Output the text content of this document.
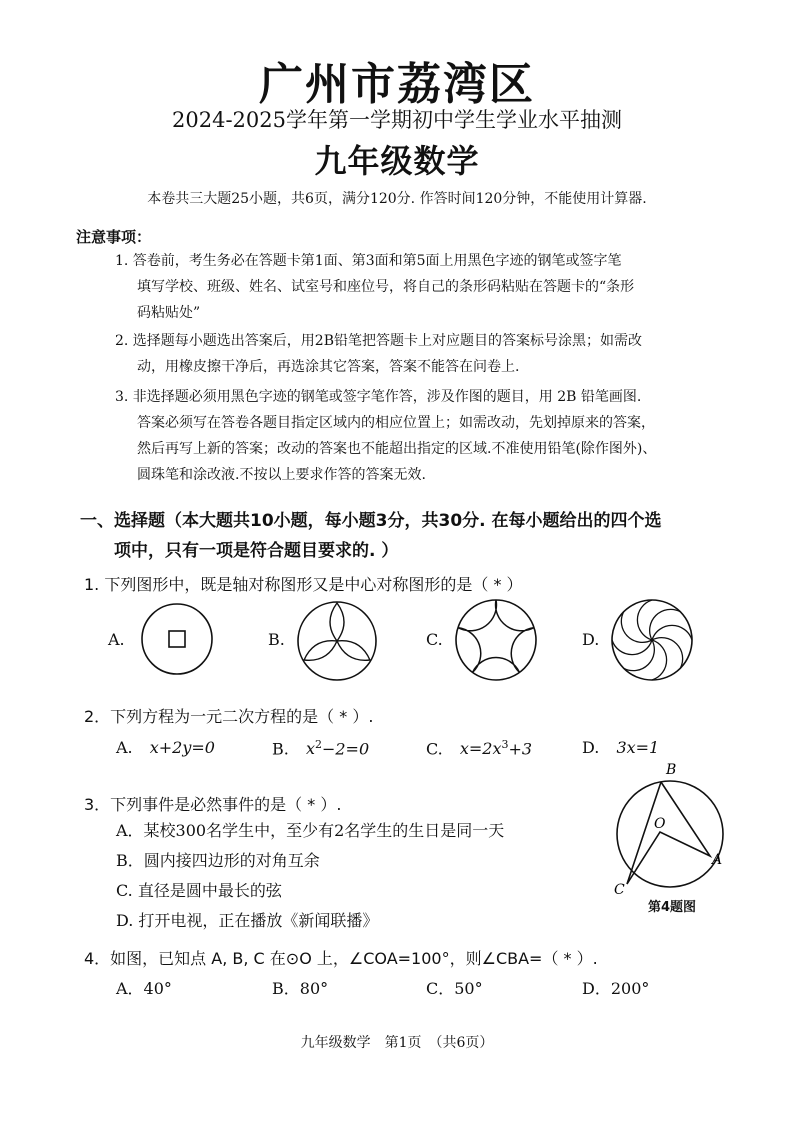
广州市荔湾区
2024-2025学年第一学期初中学生学业水平抽测
九年级数学
本卷共三大题25小题，共6页，满分120分. 作答时间120分钟，不能使用计算器.
注意事项：
1. 答卷前，考生务必在答题卡第1面、第3面和第5面上用黑色字迹的钢笔或签字笔
填写学校、班级、姓名、试室号和座位号，将自己的条形码粘贴在答题卡的“条形
码粘贴处”
2. 选择题每小题选出答案后，用2B铅笔把答题卡上对应题目的答案标号涂黑；如需改
动，用橡皮擦干净后，再选涂其它答案，答案不能答在问卷上.
3. 非选择题必须用黑色字迹的钢笔或签字笔作答，涉及作图的题目，用 2B 铅笔画图.
答案必须写在答卷各题目指定区域内的相应位置上；如需改动，先划掉原来的答案，
然后再写上新的答案；改动的答案也不能超出指定的区域.不准使用铅笔(除作图外)、
圆珠笔和涂改液.不按以上要求作答的答案无效.
一、选择题（本大题共10小题，每小题3分，共30分. 在每小题给出的四个选
项中，只有一项是符合题目要求的. ）
1. 下列图形中，既是轴对称图形又是中心对称图形的是（ * ）
A.	B.	C.	D.
2．下列方程为一元二次方程的是（ * ）.
A. x+2y=0	B. $x^2-2=0$	C. $x=2x^3+3$	D. 3x=1
3．下列事件是必然事件的是（ * ）.
A．某校300名学生中，至少有2名学生的生日是同一天
B．圆内接四边形的对角互余
C. 直径是圆中最长的弦
D. 打开电视，正在播放《新闻联播》
B
O
A
C
第4题图
4．如图，已知点 A, B, C 在⊙O 上，∠COA=100°，则∠CBA=（ * ）.
A．40°	B．80°	C．50°	D．200°
九年级数学　第1页　（共6页）
